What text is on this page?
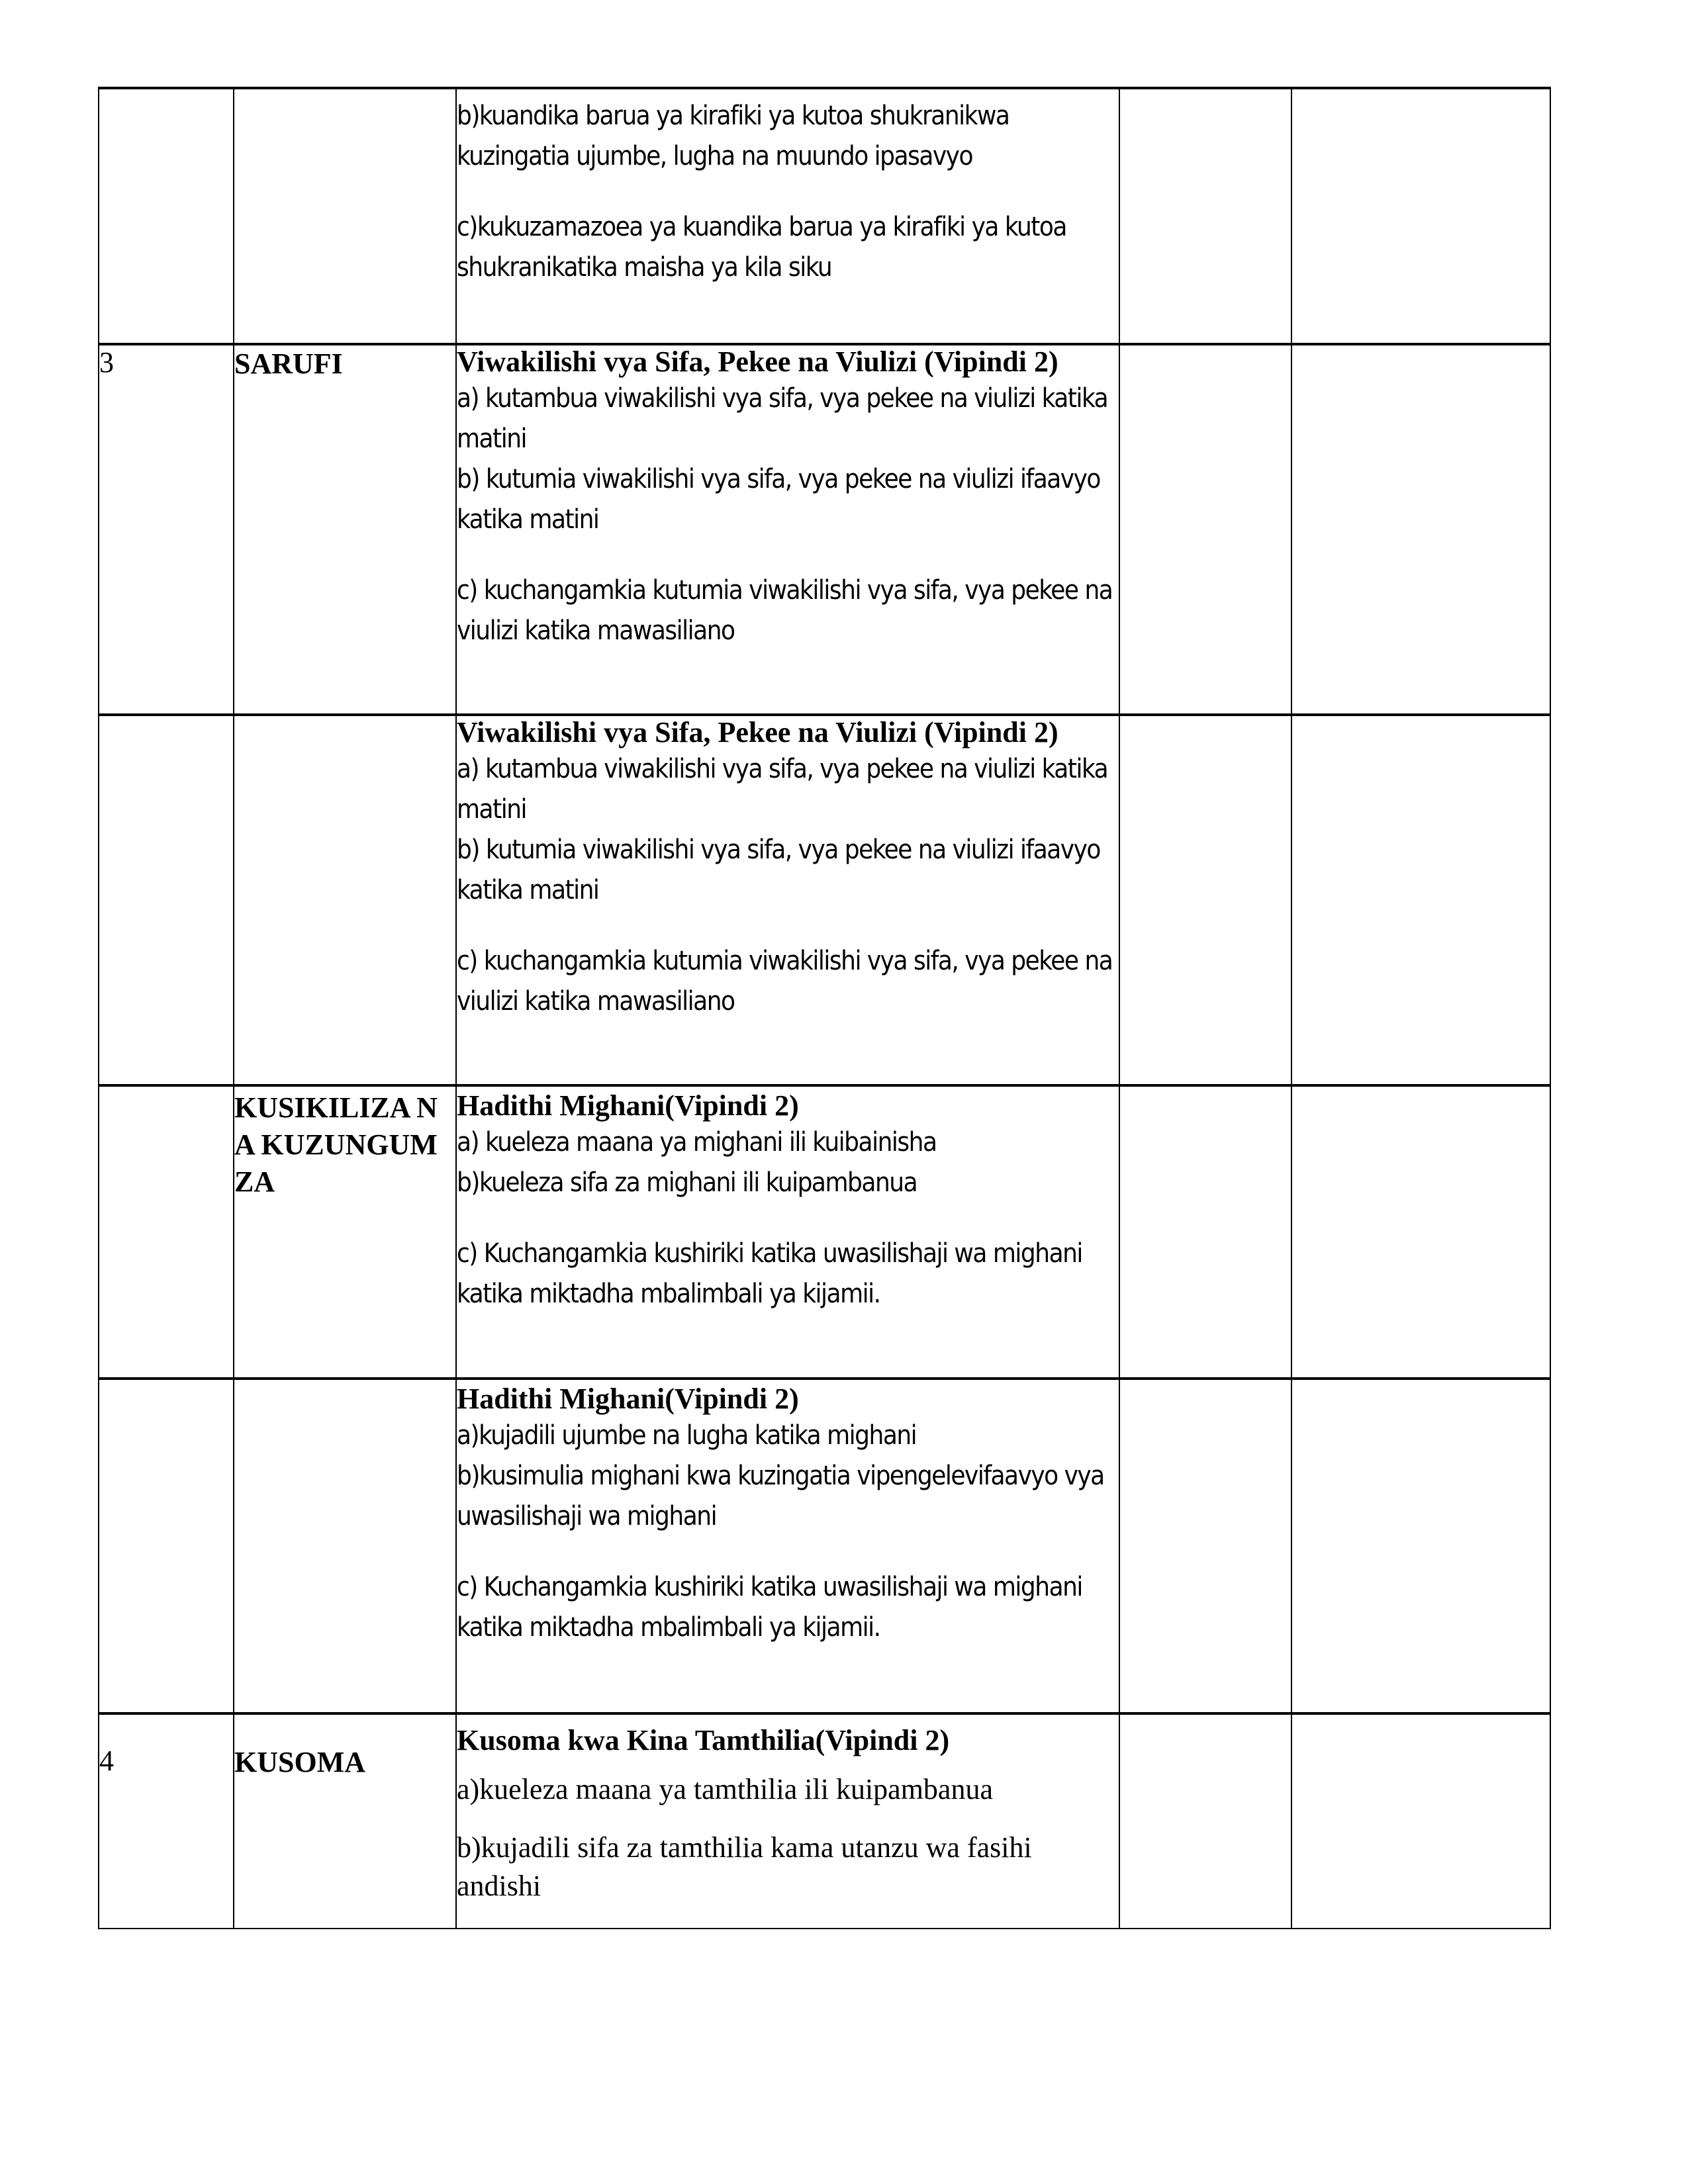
		b)kuandika barua ya kirafiki ya kutoa shukranikwa kuzingatia ujumbe, lugha na muundo ipasavyo
c)kukuzamazoea ya kuandika barua ya kirafiki ya kutoa shukranikatika maisha ya kila siku		

3	SARUFI	Viwakilishi vya Sifa, Pekee na Viulizi (Vipindi 2)
a) kutambua viwakilishi vya sifa, vya pekee na viulizi katika matini
b) kutumia viwakilishi vya sifa, vya pekee na viulizi ifaavyo katika matini
c) kuchangamkia kutumia viwakilishi vya sifa, vya pekee na viulizi katika mawasiliano		

		Viwakilishi vya Sifa, Pekee na Viulizi (Vipindi 2)
a) kutambua viwakilishi vya sifa, vya pekee na viulizi katika matini
b) kutumia viwakilishi vya sifa, vya pekee na viulizi ifaavyo katika matini
c) kuchangamkia kutumia viwakilishi vya sifa, vya pekee na viulizi katika mawasiliano		

	KUSIKILIZA NA KUZUNGUMZA	Hadithi Mighani(Vipindi 2)
a) kueleza maana ya mighani ili kuibainisha
b)kueleza sifa za mighani ili kuipambanua
c) Kuchangamkia kushiriki katika uwasilishaji wa mighani katika miktadha mbalimbali ya kijamii.		

		Hadithi Mighani(Vipindi 2)
a)kujadili ujumbe na lugha katika mighani
b)kusimulia mighani kwa kuzingatia vipengelevifaavyo vya uwasilishaji wa mighani
c) Kuchangamkia kushiriki katika uwasilishaji wa mighani katika miktadha mbalimbali ya kijamii.		

4	KUSOMA	Kusoma kwa Kina Tamthilia(Vipindi 2)
a)kueleza maana ya tamthilia ili kuipambanua
b)kujadili sifa za tamthilia kama utanzu wa fasihi andishi		
